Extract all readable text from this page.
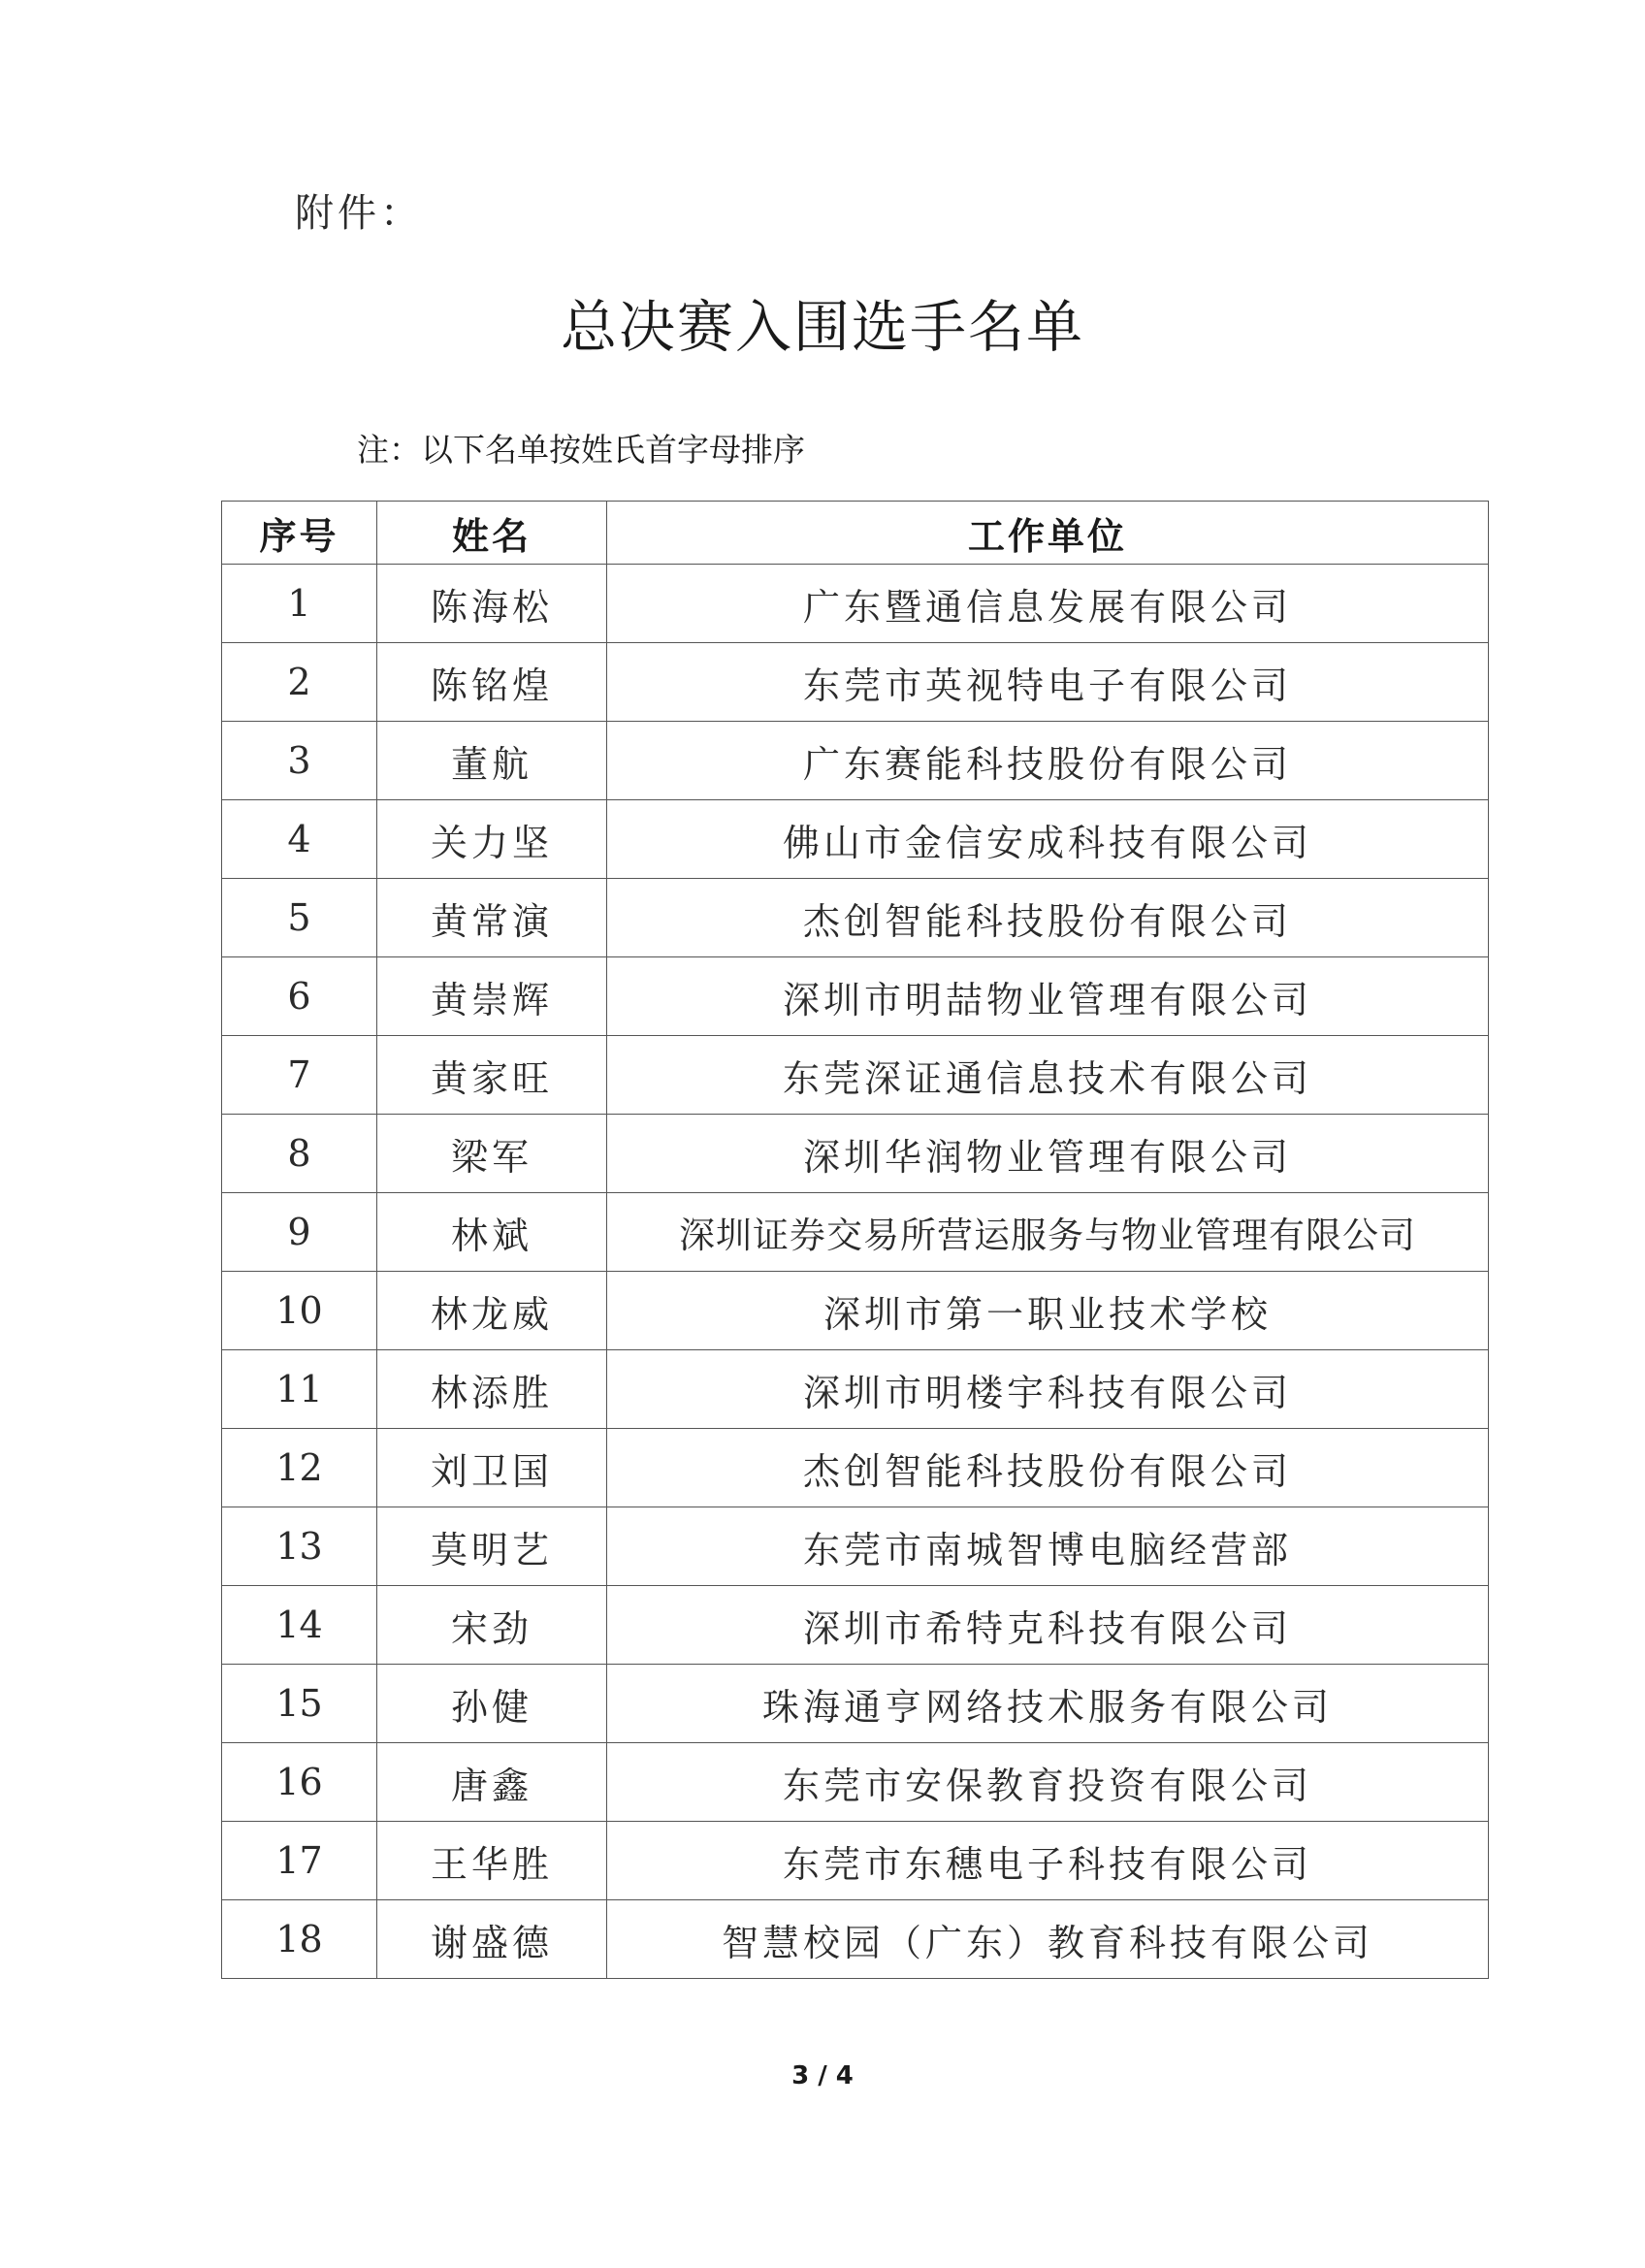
附件：
总决赛入围选手名单
注：以下名单按姓氏首字母排序
序号	姓名	工作单位
1	陈海松	广东暨通信息发展有限公司
2	陈铭煌	东莞市英视特电子有限公司
3	董航	广东赛能科技股份有限公司
4	关力坚	佛山市金信安成科技有限公司
5	黄常演	杰创智能科技股份有限公司
6	黄崇辉	深圳市明喆物业管理有限公司
7	黄家旺	东莞深证通信息技术有限公司
8	梁军	深圳华润物业管理有限公司
9	林斌	深圳证券交易所营运服务与物业管理有限公司
10	林龙威	深圳市第一职业技术学校
11	林添胜	深圳市明楼宇科技有限公司
12	刘卫国	杰创智能科技股份有限公司
13	莫明艺	东莞市南城智博电脑经营部
14	宋劲	深圳市希特克科技有限公司
15	孙健	珠海通亨网络技术服务有限公司
16	唐鑫	东莞市安保教育投资有限公司
17	王华胜	东莞市东穗电子科技有限公司
18	谢盛德	智慧校园（广东）教育科技有限公司
3 / 4
